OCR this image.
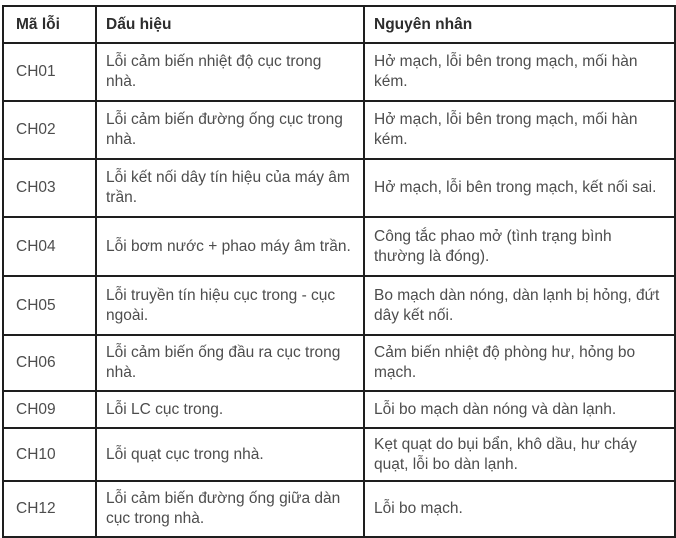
Mã lỗi	Dấu hiệu	Nguyên nhân
CH01	Lỗi cảm biến nhiệt độ cục trong nhà.	Hở mạch, lỗi bên trong mạch, mối hàn kém.
CH02	Lỗi cảm biến đường ống cục trong nhà.	Hở mạch, lỗi bên trong mạch, mối hàn kém.
CH03	Lỗi kết nối dây tín hiệu của máy âm trần.	Hở mạch, lỗi bên trong mạch, kết nối sai.
CH04	Lỗi bơm nước + phao máy âm trần.	Công tắc phao mở (tình trạng bình thường là đóng).
CH05	Lỗi truyền tín hiệu cục trong - cục ngoài.	Bo mạch dàn nóng, dàn lạnh bị hỏng, đứt dây kết nối.
CH06	Lỗi cảm biến ống đầu ra cục trong nhà.	Cảm biến nhiệt độ phòng hư, hỏng bo mạch.
CH09	Lỗi LC cục trong.	Lỗi bo mạch dàn nóng và dàn lạnh.
CH10	Lỗi quạt cục trong nhà.	Kẹt quạt do bụi bẩn, khô dầu, hư cháy quạt, lỗi bo dàn lạnh.
CH12	Lỗi cảm biến đường ống giữa dàn cục trong nhà.	Lỗi bo mạch.
